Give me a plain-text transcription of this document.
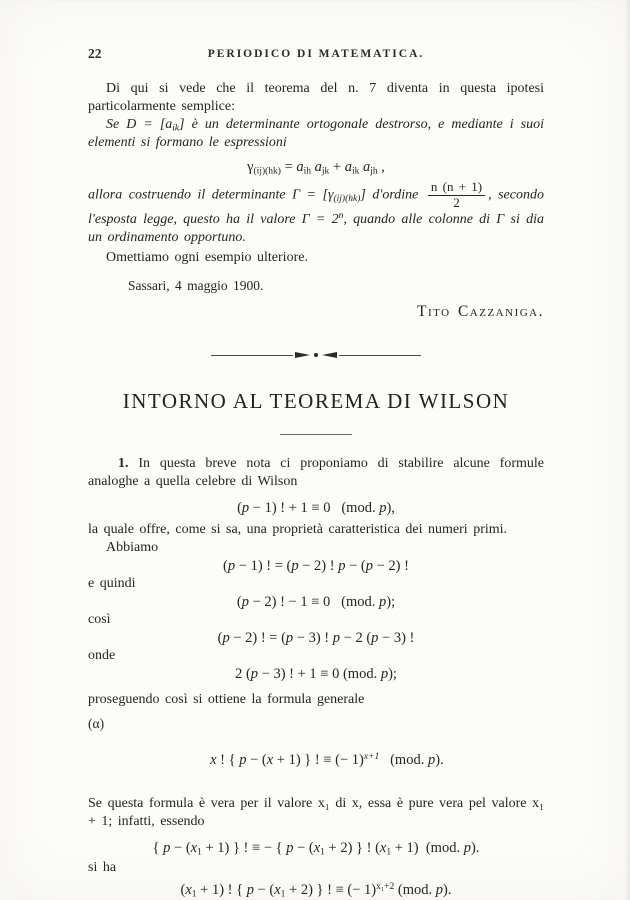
22	PERIODICO DI MATEMATICA.

Di qui si vede che il teorema del n. 7 diventa in questa ipotesi particolarmente semplice:

Se $D = [a_{ik}]$ è un determinante ortogonale destrorso, e mediante i suoi elementi si formano le espressioni

$\gamma_{(ij)(hk)} = a_{ih}$ $a_{jk} + a_{ik}$ $a_{jh}$ ,

allora costruendo il determinante $\Gamma = [\gamma_{(ij)(hk)}]$ d'ordine $\frac{n (n + 1)}{2}$ , secondo l'esposta legge, questo ha il valore $\Gamma = 2^n$, quando alle colonne di Γ si dia un ordinamento opportuno.

Omettiamo ogni esempio ulteriore.

Sassari, 4 maggio 1900.

Tito Cazzaniga.

INTORNO AL TEOREMA DI WILSON

1. In questa breve nota ci proponiamo di stabilire alcune formule analoghe a quella celebre di Wilson

(p − 1) ! + 1 ≡ 0   (mod. p),

la quale offre, come si sa, una proprietà caratteristica dei numeri primi.

Abbiamo

(p − 1) ! = (p − 2) ! p − (p − 2) !

e quindi

(p − 2) ! − 1 ≡ 0   (mod. p);

così

(p − 2) ! = (p − 3) ! p − 2 (p − 3) !

onde

2 (p − 3) ! + 1 ≡ 0 (mod. p);

proseguendo così si ottiene la formula generale

(α)

x ! { p − (x + 1) } ! ≡ (− 1)$^{x+1}$   (mod. p).

Se questa formula è vera per il valore x₁ di x, essa è pure vera pel valore x₁ + 1; infatti, essendo

{ $p - (x_1 + 1)$ } ! ≡ − { $p - (x_1 + 2)$ } ! $(x_1 + 1)$  (mod. p).

si ha

$(x_1 + 1)$ ! { $p - (x_1 + 2)$ } ! ≡ (− 1)$^{x_1+2}$ (mod. p).
